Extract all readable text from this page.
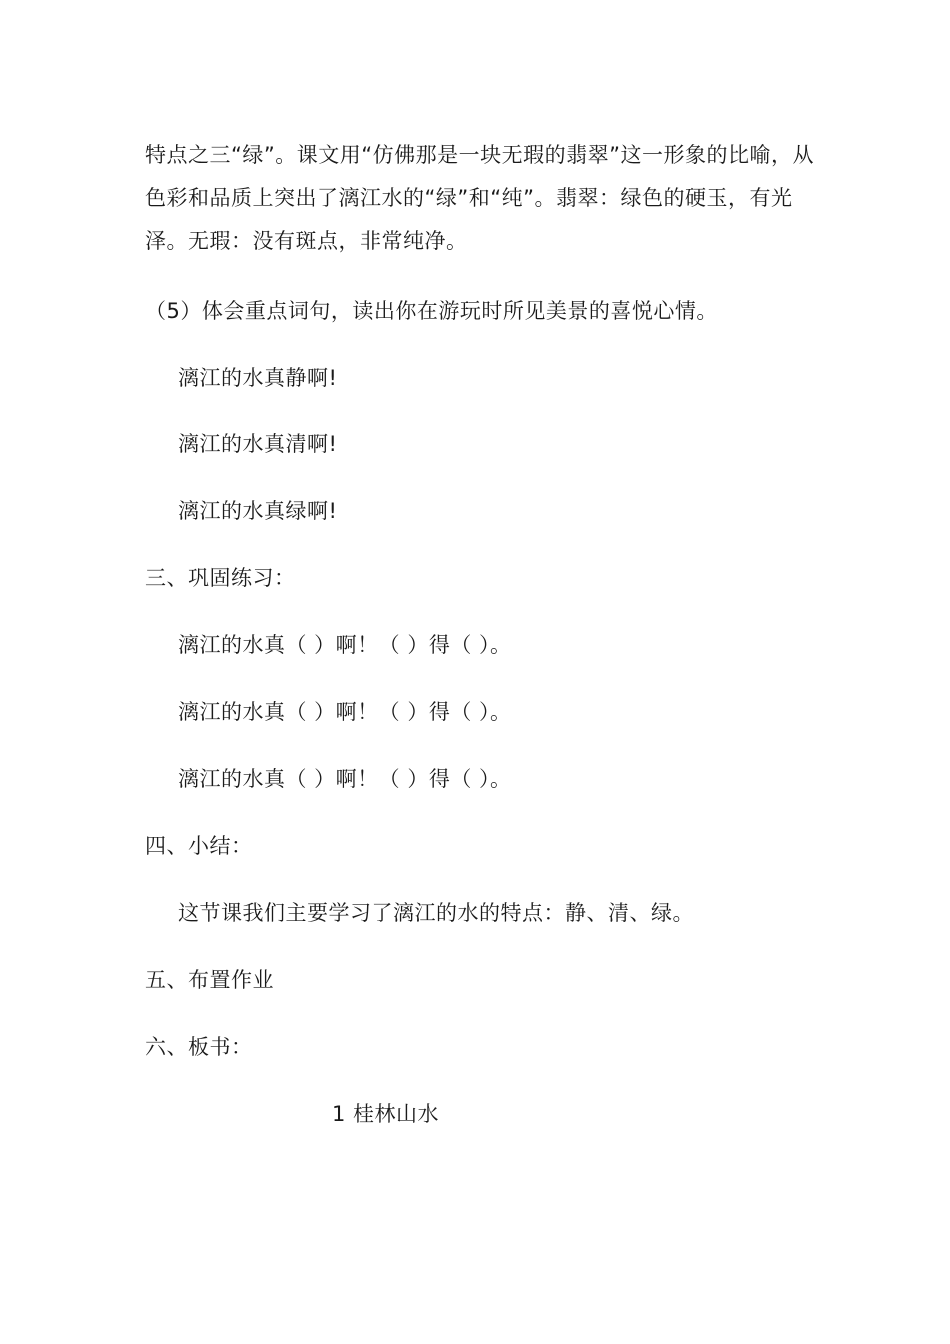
特点之三“绿”。课文用“仿佛那是一块无瑕的翡翠”这一形象的比喻，从色彩和品质上突出了漓江水的“绿”和“纯”。翡翠：绿色的硬玉，有光泽。无瑕：没有斑点，非常纯净。
（5）体会重点词句，读出你在游玩时所见美景的喜悦心情。
漓江的水真静啊!
漓江的水真清啊!
漓江的水真绿啊!
三、巩固练习：
漓江的水真（ ）啊！（ ）得（ ）。
漓江的水真（ ）啊！（ ）得（ ）。
漓江的水真（ ）啊！（ ）得（ ）。
四、小结：
这节课我们主要学习了漓江的水的特点：静、清、绿。
五、布置作业
六、板书：
1 桂林山水
